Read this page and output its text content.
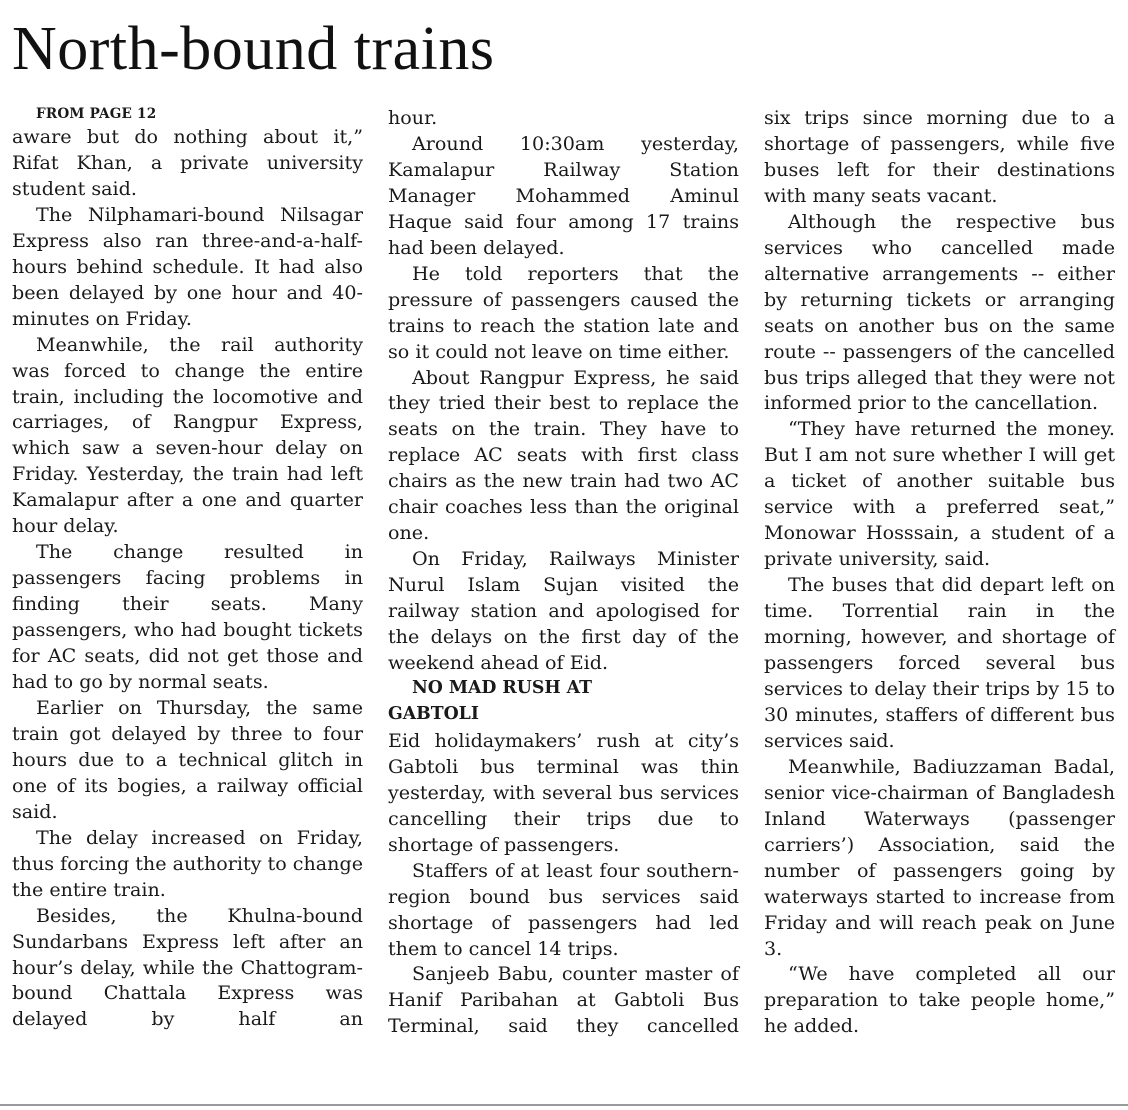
North-bound trains

FROM PAGE 12

aware but do nothing about it,” Rifat Khan, a private university student said.

The Nilphamari-bound Nilsagar Express also ran three-and-a-half-hours behind schedule. It had also been delayed by one hour and 40-minutes on Friday.

Meanwhile, the rail authority was forced to change the entire train, including the locomotive and carriages, of Rangpur Express, which saw a seven-hour delay on Friday. Yesterday, the train had left Kamalapur after a one and quarter hour delay.

The change resulted in passengers facing problems in finding their seats. Many passengers, who had bought tickets for AC seats, did not get those and had to go by normal seats.

Earlier on Thursday, the same train got delayed by three to four hours due to a technical glitch in one of its bogies, a railway official said.

The delay increased on Friday, thus forcing the authority to change the entire train.

Besides, the Khulna-bound Sundarbans Express left after an hour’s delay, while the Chattogram-bound Chattala Express was delayed by half an

hour.

Around 10:30am yesterday, Kamalapur Railway Station Manager Mohammed Aminul Haque said four among 17 trains had been delayed.

He told reporters that the pressure of passengers caused the trains to reach the station late and so it could not leave on time either.

About Rangpur Express, he said they tried their best to replace the seats on the train. They have to replace AC seats with first class chairs as the new train had two AC chair coaches less than the original one.

On Friday, Railways Minister Nurul Islam Sujan visited the railway station and apologised for the delays on the first day of the weekend ahead of Eid.

NO MAD RUSH AT
GABTOLI

Eid holidaymakers’ rush at city’s Gabtoli bus terminal was thin yesterday, with several bus services cancelling their trips due to shortage of passengers.

Staffers of at least four southern-region bound bus services said shortage of passengers had led them to cancel 14 trips.

Sanjeeb Babu, counter master of Hanif Paribahan at Gabtoli Bus Terminal, said they cancelled

six trips since morning due to a shortage of passengers, while five buses left for their destinations with many seats vacant.

Although the respective bus services who cancelled made alternative arrangements -- either by returning tickets or arranging seats on another bus on the same route -- passengers of the cancelled bus trips alleged that they were not informed prior to the cancellation.

“They have returned the money. But I am not sure whether I will get a ticket of another suitable bus service with a preferred seat,” Monowar Hosssain, a student of a private university, said.

The buses that did depart left on time. Torrential rain in the morning, however, and shortage of passengers forced several bus services to delay their trips by 15 to 30 minutes, staffers of different bus services said.

Meanwhile, Badiuzzaman Badal, senior vice-chairman of Bangladesh Inland Waterways (passenger carriers’) Association, said the number of passengers going by waterways started to increase from Friday and will reach peak on June 3.

“We have completed all our preparation to take people home,” he added.
